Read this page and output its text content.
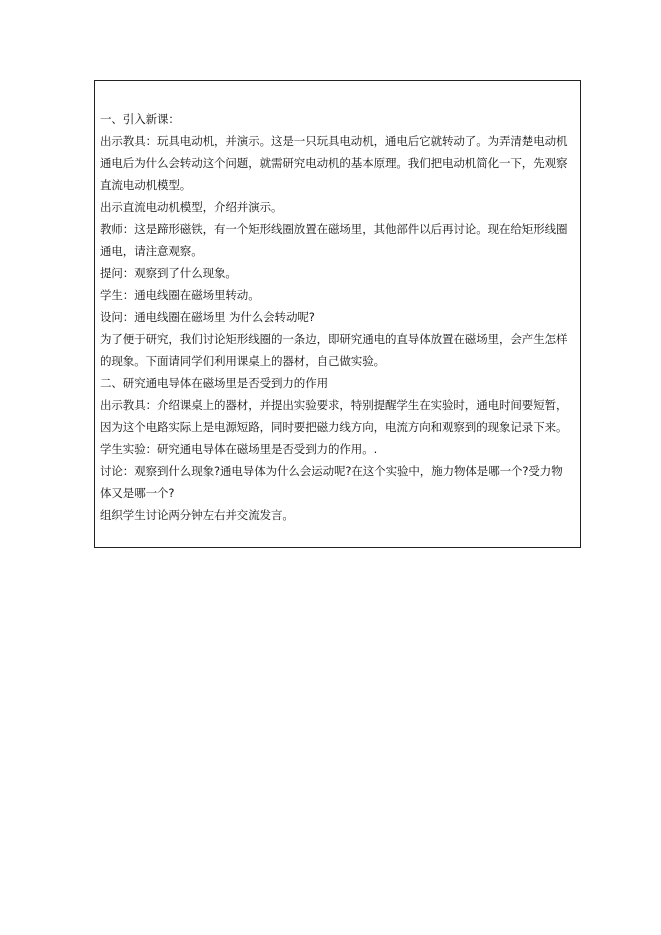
一、引入新课：
出示教具：玩具电动机，并演示。这是一只玩具电动机，通电后它就转动了。为弄清楚电动机
通电后为什么会转动这个问题，就需研究电动机的基本原理。我们把电动机简化一下，先观察
直流电动机模型。
出示直流电动机模型，介绍并演示。
教师：这是蹄形磁铁，有一个矩形线圈放置在磁场里，其他部件以后再讨论。现在给矩形线圈
通电，请注意观察。
提问：观察到了什么现象。
学生：通电线圈在磁场里转动。
设问：通电线圈在磁场里 为什么会转动呢?
为了便于研究，我们讨论矩形线圈的一条边，即研究通电的直导体放置在磁场里，会产生怎样
的现象。下面请同学们利用课桌上的器材，自己做实验。
二、研究通电导体在磁场里是否受到力的作用
出示教具：介绍课桌上的器材，并提出实验要求，特别提醒学生在实验时，通电时间要短暂，
因为这个电路实际上是电源短路，同时要把磁力线方向，电流方向和观察到的现象记录下来。
学生实验：研究通电导体在磁场里是否受到力的作用。.
讨论：观察到什么现象?通电导体为什么会运动呢?在这个实验中，施力物体是哪一个?受力物
体又是哪一个?
组织学生讨论两分钟左右并交流发言。
